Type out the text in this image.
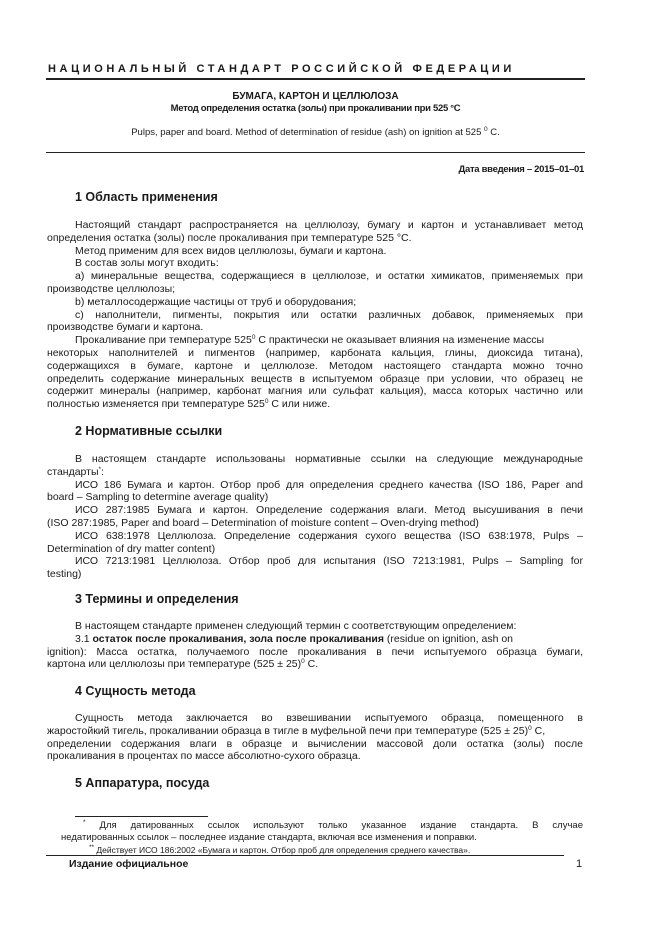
НАЦИОНАЛЬНЫЙ СТАНДАРТ РОССИЙСКОЙ ФЕДЕРАЦИИ
БУМАГА, КАРТОН И ЦЕЛЛЮЛОЗА
Метод определения остатка (золы) при прокаливании при 525 °С
Pulps, paper and board. Method of determination of residue (ash) on ignition at 525 $^0$ C.
Дата введения – 2015–01–01
1 Область применения
Настоящий стандарт распространяется на целлюлозу, бумагу и картон и устанавливает метод
определения остатка (золы) после прокаливания при температуре 525 °С.
Метод применим для всех видов целлюлозы, бумаги и картона.
В состав золы могут входить:
а) минеральные вещества, содержащиеся в целлюлозе, и остатки химикатов, применяемых при
производстве целлюлозы;
b) металлосодержащие частицы от труб и оборудования;
с) наполнители, пигменты, покрытия или остатки различных добавок, применяемых при
производстве бумаги и картона.
Прокаливание при температуре $525^0$ С практически не оказывает влияния на изменение массы
некоторых наполнителей и пигментов (например, карбоната кальция, глины, диоксида титана),
содержащихся в бумаге, картоне и целлюлозе. Методом настоящего стандарта можно точно
определить содержание минеральных веществ в испытуемом образце при условии, что образец не
содержит минералы (например, карбонат магния или сульфат кальция), масса которых частично или
полностью изменяется при температуре $525^0$ С или ниже.
2 Нормативные ссылки
В настоящем стандарте использованы нормативные ссылки на следующие международные
стандарты*:
ИСО 186 Бумага и картон. Отбор проб для определения среднего качества (ISO 186, Paper and
board – Sampling to determine average quality)
ИСО 287:1985 Бумага и картон. Определение содержания влаги. Метод высушивания в печи
(ISO 287:1985, Paper and board – Determination of moisture content – Oven-drying method)
ИСО 638:1978 Целлюлоза. Определение содержания сухого вещества (ISO 638:1978, Pulps –
Determination of dry matter content)
ИСО 7213:1981 Целлюлоза. Отбор проб для испытания (ISO 7213:1981, Pulps – Sampling for
testing)
3 Термины и определения
В настоящем стандарте применен следующий термин с соответствующим определением:
3.1 остаток после прокаливания, зола после прокаливания (residue on ignition, ash on
ignition): Масса остатка, получаемого после прокаливания в печи испытуемого образца бумаги,
картона или целлюлозы при температуре $(525 \pm 25)^0$ С.
4 Сущность метода
Сущность метода заключается во взвешивании испытуемого образца, помещенного в
жаростойкий тигель, прокаливании образца в тигле в муфельной печи при температуре $(525 \pm 25)^0$ С,
определении содержания влаги в образце и вычислении массовой доли остатка (золы) после
прокаливания в процентах по массе абсолютно-сухого образца.
5 Аппаратура, посуда
* Для датированных ссылок используют только указанное издание стандарта. В случае
недатированных ссылок – последнее издание стандарта, включая все изменения и поправки.
** Действует ИСО 186:2002 «Бумага и картон. Отбор проб для определения среднего качества».
Издание официальное	1
